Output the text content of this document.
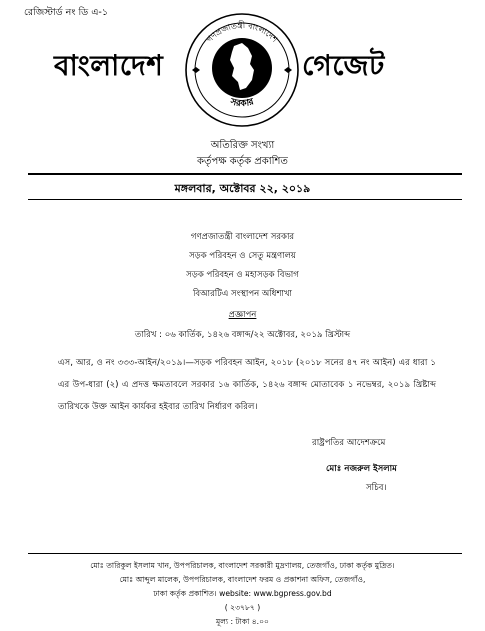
রেজিস্টার্ড নং ডি এ-১
বাংলাদেশ
গণপ্রজাতন্ত্রী বাংলাদেশ
সরকার
গেজেট
অতিরিক্ত সংখ্যা
কর্তৃপক্ষ কর্তৃক প্রকাশিত
মঙ্গলবার, অক্টোবর ২২, ২০১৯
গণপ্রজাতন্ত্রী বাংলাদেশ সরকার
সড়ক পরিবহন ও সেতু মন্ত্রণালয়
সড়ক পরিবহন ও মহাসড়ক বিভাগ
বিআরটিএ সংস্থাপন অধিশাখা
প্রজ্ঞাপন
তারিখ : ০৬ কার্তিক, ১৪২৬ বঙ্গাব্দ/২২ অক্টোবর, ২০১৯ খ্রিস্টাব্দ
এস, আর, ও নং ৩৩৩-আইন/২০১৯।—সড়ক পরিবহন আইন, ২০১৮ (২০১৮ সনের ৪৭ নং আইন) এর ধারা ১ এর উপ-ধারা (২) এ প্রদত্ত ক্ষমতাবলে সরকার ১৬ কার্তিক, ১৪২৬ বঙ্গাব্দ মোতাবেক ১ নভেম্বর, ২০১৯ খ্রিষ্টাব্দ তারিখকে উক্ত আইন কার্যকর হইবার তারিখ নির্ধারণ করিল।
রাষ্ট্রপতির আদেশক্রমে
মোঃ নজরুল ইসলাম
সচিব।
মোঃ তারিকুল ইসলাম খান, উপপরিচালক, বাংলাদেশ সরকারী মুদ্রণালয়, তেজগাঁও, ঢাকা কর্তৃক মুদ্রিত।
মোঃ আব্দুল মালেক, উপপরিচালক, বাংলাদেশ ফরম ও প্রকাশনা অফিস, তেজগাঁও,
ঢাকা কর্তৃক প্রকাশিত। website: www.bgpress.gov.bd
( ২৩৭৮৭ )
মূল্য : টাকা ৪.০০
